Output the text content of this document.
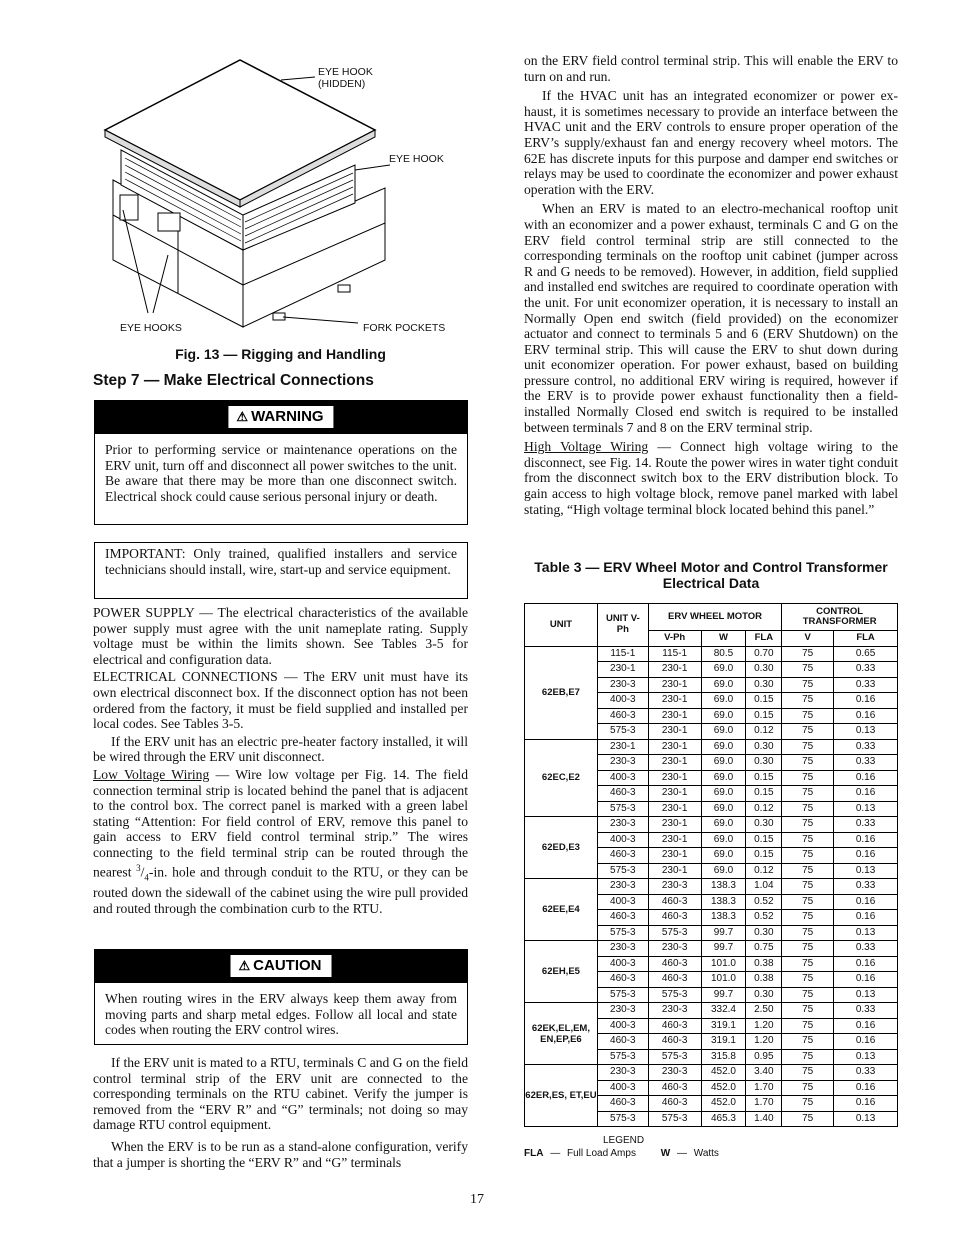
EYE HOOK (HIDDEN)
EYE HOOK
EYE HOOKS	FORK POCKETS
Fig. 13 — Rigging and Handling
Step 7 — Make Electrical Connections
⚠ WARNING

Prior to performing service or maintenance operations on the ERV unit, turn off and disconnect all power switches to the unit. Be aware that there may be more than one disconnect switch. Electrical shock could cause serious personal injury or death.

IMPORTANT: Only trained, qualified installers and service technicians should install, wire, start-up and service equipment.

POWER SUPPLY — The electrical characteristics of the available power supply must agree with the unit nameplate rating. Supply voltage must be within the limits shown. See Tables 3-5 for electrical and configuration data.

ELECTRICAL CONNECTIONS — The ERV unit must have its own electrical disconnect box. If the disconnect option has not been ordered from the factory, it must be field supplied and installed per local codes. See Tables 3-5.

If the ERV unit has an electric pre-heater factory installed, it will be wired through the ERV unit disconnect.

Low Voltage Wiring — Wire low voltage per Fig. 14. The field connection terminal strip is located behind the panel that is adjacent to the control box. The correct panel is marked with a green label stating “Attention: For field control of ERV, remove this panel to gain access to ERV field control terminal strip.” The wires connecting to the field terminal strip can be routed through the nearest $^3/_4-in$. hole and through conduit to the RTU, or they can be routed down the sidewall of the cabinet using the wire pull provided and routed through the combination curb to the RTU.

⚠ CAUTION

When routing wires in the ERV always keep them away from moving parts and sharp metal edges. Follow all local and state codes when routing the ERV control wires.

If the ERV unit is mated to a RTU, terminals C and G on the field control terminal strip of the ERV unit are connected to the corresponding terminals on the RTU cabinet. Verify the jumper is removed from the “ERV R” and “G” terminals; not doing so may damage RTU control equipment.

When the ERV is to be run as a stand-alone configuration, verify that a jumper is shorting the “ERV R” and “G” terminals

on the ERV field control terminal strip. This will enable the ERV to turn on and run.

If the HVAC unit has an integrated economizer or power exhaust, it is sometimes necessary to provide an interface between the HVAC unit and the ERV controls to ensure proper operation of the ERV’s supply/exhaust fan and energy recovery wheel motors. The 62E has discrete inputs for this purpose and damper end switches or relays may be used to coordinate the economizer and power exhaust operation with the ERV.

When an ERV is mated to an electro-mechanical rooftop unit with an economizer and a power exhaust, terminals C and G on the ERV field control terminal strip are still connected to the corresponding terminals on the rooftop unit cabinet (jumper across R and G needs to be removed). However, in addition, field supplied and installed end switches are required to coordinate operation with the unit. For unit economizer operation, it is necessary to install an Normally Open end switch (field provided) on the economizer actuator and connect to terminals 5 and 6 (ERV Shutdown) on the ERV terminal strip. This will cause the ERV to shut down during unit economizer operation. For power exhaust, based on building pressure control, no additional ERV wiring is required, however if the ERV is to provide power exhaust functionality then a field-installed Normally Closed end switch is required to be installed between terminals 7 and 8 on the ERV terminal strip.

High Voltage Wiring — Connect high voltage wiring to the disconnect, see Fig. 14. Route the power wires in water tight conduit from the disconnect switch box to the ERV distribution block. To gain access to high voltage block, remove panel marked with label stating, “High voltage terminal block located behind this panel.”

Table 3 — ERV Wheel Motor and Control Transformer Electrical Data
UNIT	UNIT V-Ph	ERV WHEEL MOTOR			CONTROL TRANSFORMER	
		V-Ph	W	FLA	V	FLA
62EB,E7	115-1	115-1	80.5	0.70	75	0.65
	230-1	230-1	69.0	0.30	75	0.33
	230-3	230-1	69.0	0.30	75	0.33
	400-3	230-1	69.0	0.15	75	0.16
	460-3	230-1	69.0	0.15	75	0.16
	575-3	230-1	69.0	0.12	75	0.13
62EC,E2	230-1	230-1	69.0	0.30	75	0.33
	230-3	230-1	69.0	0.30	75	0.33
	400-3	230-1	69.0	0.15	75	0.16
	460-3	230-1	69.0	0.15	75	0.16
	575-3	230-1	69.0	0.12	75	0.13
62ED,E3	230-3	230-1	69.0	0.30	75	0.33
	400-3	230-1	69.0	0.15	75	0.16
	460-3	230-1	69.0	0.15	75	0.16
	575-3	230-1	69.0	0.12	75	0.13
62EE,E4	230-3	230-3	138.3	1.04	75	0.33
	400-3	460-3	138.3	0.52	75	0.16
	460-3	460-3	138.3	0.52	75	0.16
	575-3	575-3	99.7	0.30	75	0.13
62EH,E5	230-3	230-3	99.7	0.75	75	0.33
	400-3	460-3	101.0	0.38	75	0.16
	460-3	460-3	101.0	0.38	75	0.16
	575-3	575-3	99.7	0.30	75	0.13
62EK,EL,EM, EN,EP,E6	230-3	230-3	332.4	2.50	75	0.33
	400-3	460-3	319.1	1.20	75	0.16
	460-3	460-3	319.1	1.20	75	0.16
	575-3	575-3	315.8	0.95	75	0.13
62ER,ES, ET,EU	230-3	230-3	452.0	3.40	75	0.33
	400-3	460-3	452.0	1.70	75	0.16
	460-3	460-3	452.0	1.70	75	0.16
	575-3	575-3	465.3	1.40	75	0.13
LEGEND
FLA — Full Load Amps W — Watts
17
